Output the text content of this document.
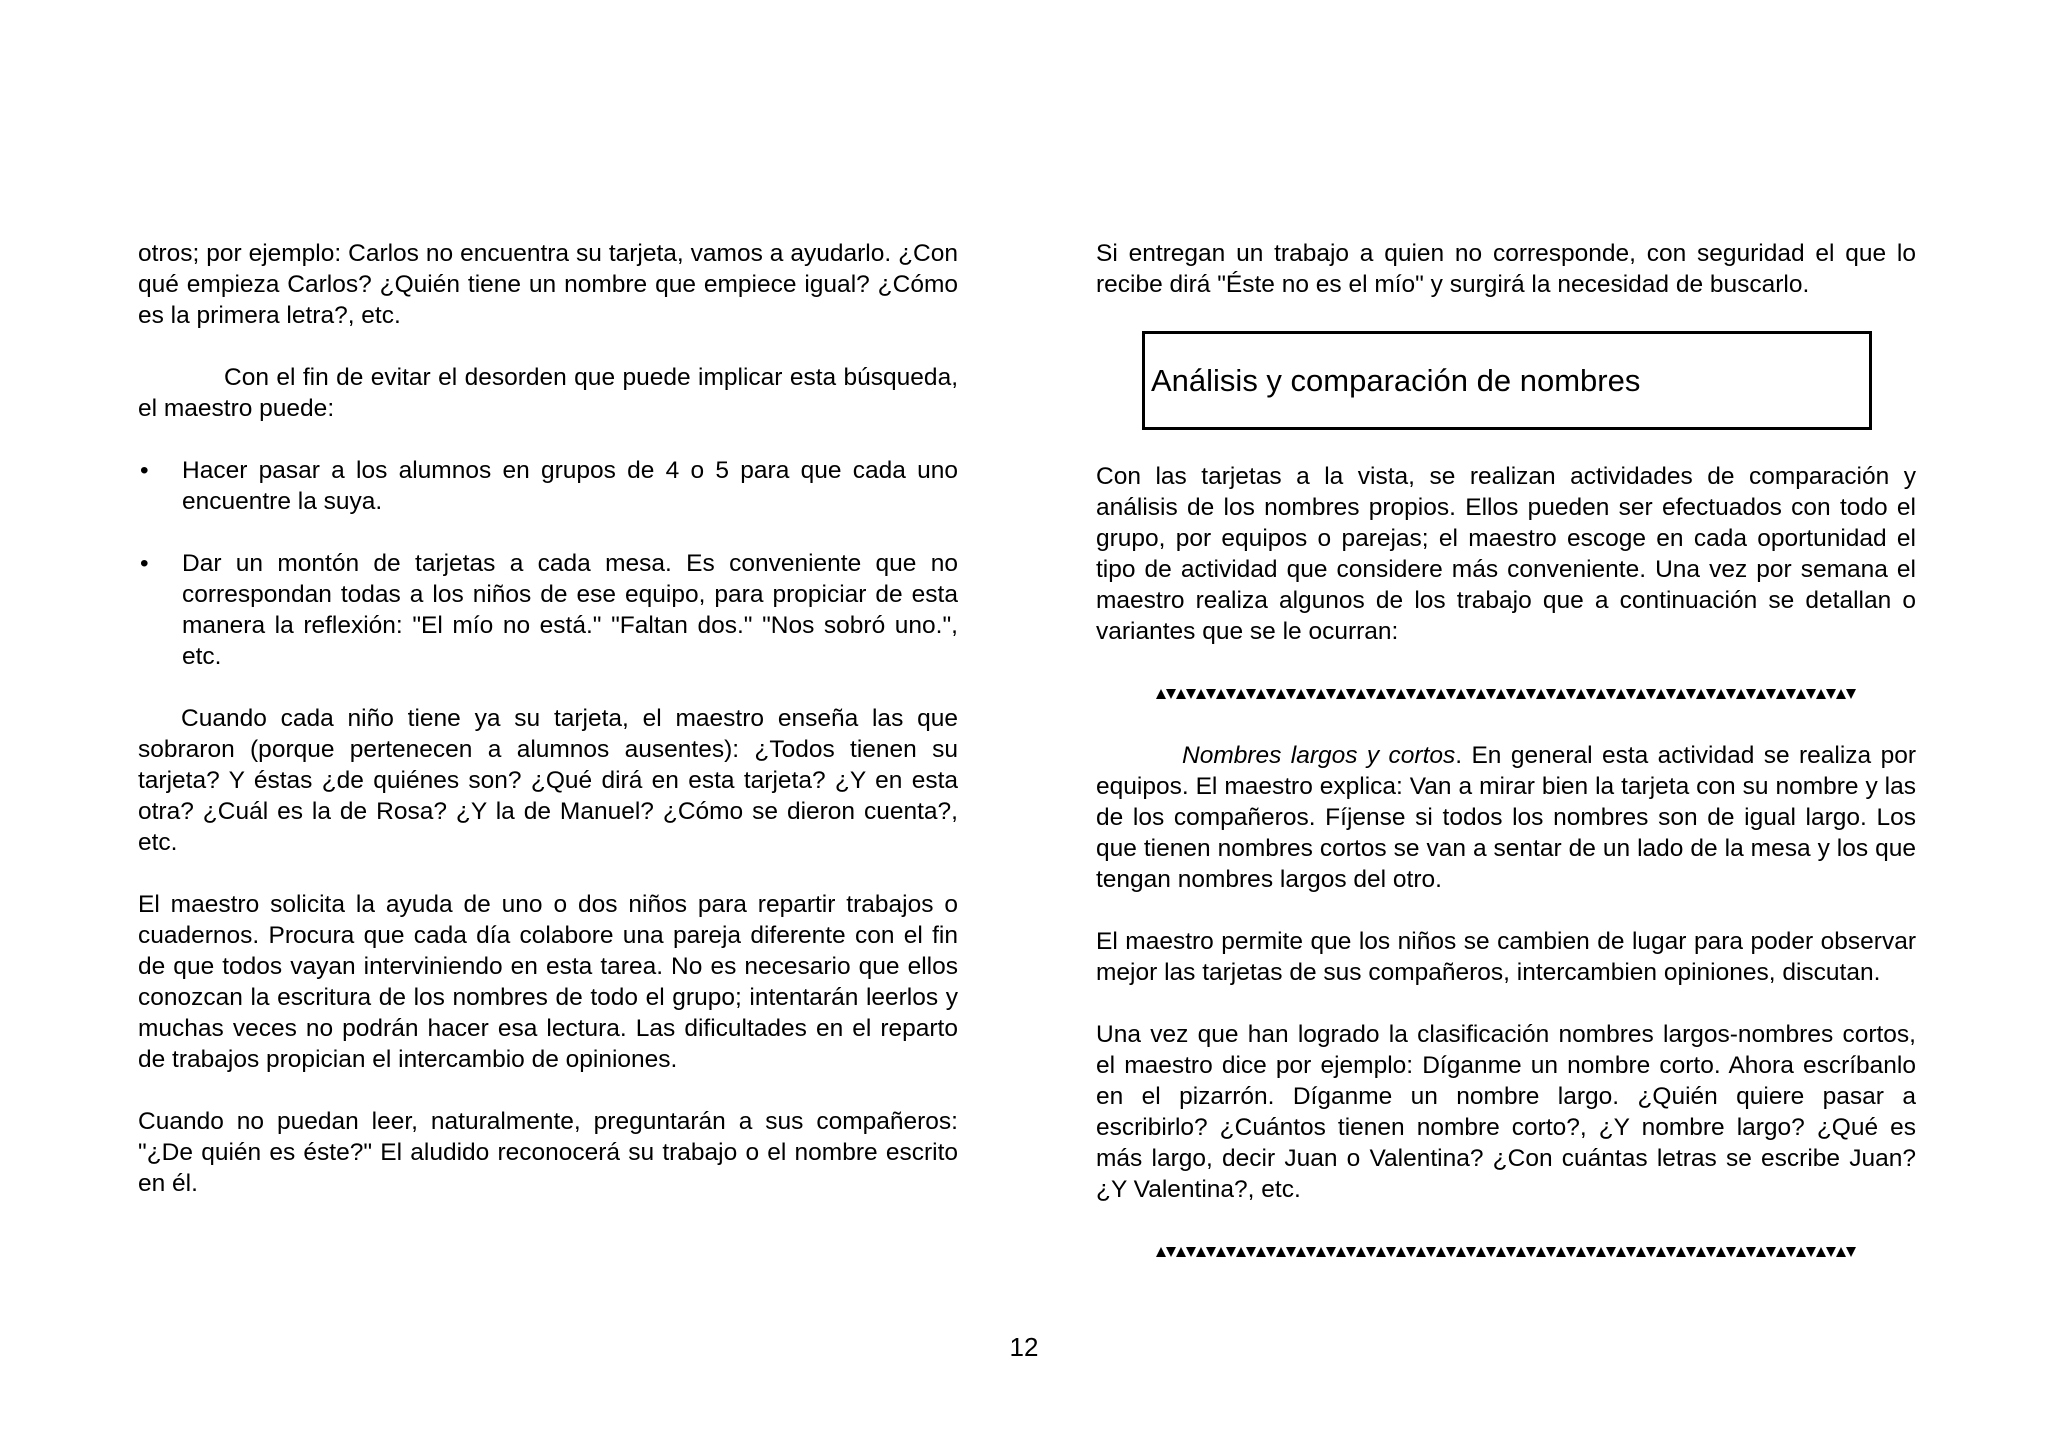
otros; por ejemplo: Carlos no encuentra su tarjeta, vamos a ayudarlo. ¿Con qué empieza Carlos? ¿Quién tiene un nombre que empiece igual? ¿Cómo es la primera letra?, etc.

Con el fin de evitar el desorden que puede implicar esta búsqueda, el maestro puede:

• Hacer pasar a los alumnos en grupos de 4 o 5 para que cada uno encuentre la suya.
• Dar un montón de tarjetas a cada mesa. Es conveniente que no correspondan todas a los niños de ese equipo, para propiciar de esta manera la reflexión: "El mío no está." "Faltan dos." "Nos sobró uno.", etc.

Cuando cada niño tiene ya su tarjeta, el maestro enseña las que sobraron (porque pertenecen a alumnos ausentes): ¿Todos tienen su tarjeta? Y éstas ¿de quiénes son? ¿Qué dirá en esta tarjeta? ¿Y en esta otra? ¿Cuál es la de Rosa? ¿Y la de Manuel? ¿Cómo se dieron cuenta?, etc.

El maestro solicita la ayuda de uno o dos niños para repartir trabajos o cuadernos. Procura que cada día colabore una pareja diferente con el fin de que todos vayan interviniendo en esta tarea. No es necesario que ellos conozcan la escritura de los nombres de todo el grupo; intentarán leerlos y muchas veces no podrán hacer esa lectura. Las dificultades en el reparto de trabajos propician el intercambio de opiniones.

Cuando no puedan leer, naturalmente, preguntarán a sus compañeros: "¿De quién es éste?" El aludido reconocerá su trabajo o el nombre escrito en él.

Si entregan un trabajo a quien no corresponde, con seguridad el que lo recibe dirá "Éste no es el mío" y surgirá la necesidad de buscarlo.

Análisis y comparación de nombres

Con las tarjetas a la vista, se realizan actividades de comparación y análisis de los nombres propios. Ellos pueden ser efectuados con todo el grupo, por equipos o parejas; el maestro escoge en cada oportunidad el tipo de actividad que considere más conveniente. Una vez por semana el maestro realiza algunos de los trabajo que a continuación se detallan o variantes que se le ocurran:

Nombres largos y cortos. En general esta actividad se realiza por equipos. El maestro explica: Van a mirar bien la tarjeta con su nombre y las de los compañeros. Fíjense si todos los nombres son de igual largo. Los que tienen nombres cortos se van a sentar de un lado de la mesa y los que tengan nombres largos del otro.

El maestro permite que los niños se cambien de lugar para poder observar mejor las tarjetas de sus compañeros, intercambien opiniones, discutan.

Una vez que han logrado la clasificación nombres largos-nombres cortos, el maestro dice por ejemplo: Díganme un nombre corto. Ahora escríbanlo en el pizarrón. Díganme un nombre largo. ¿Quién quiere pasar a escribirlo? ¿Cuántos tienen nombre corto?, ¿Y nombre largo? ¿Qué es más largo, decir Juan o Valentina? ¿Con cuántas letras se escribe Juan? ¿Y Valentina?, etc.

12
